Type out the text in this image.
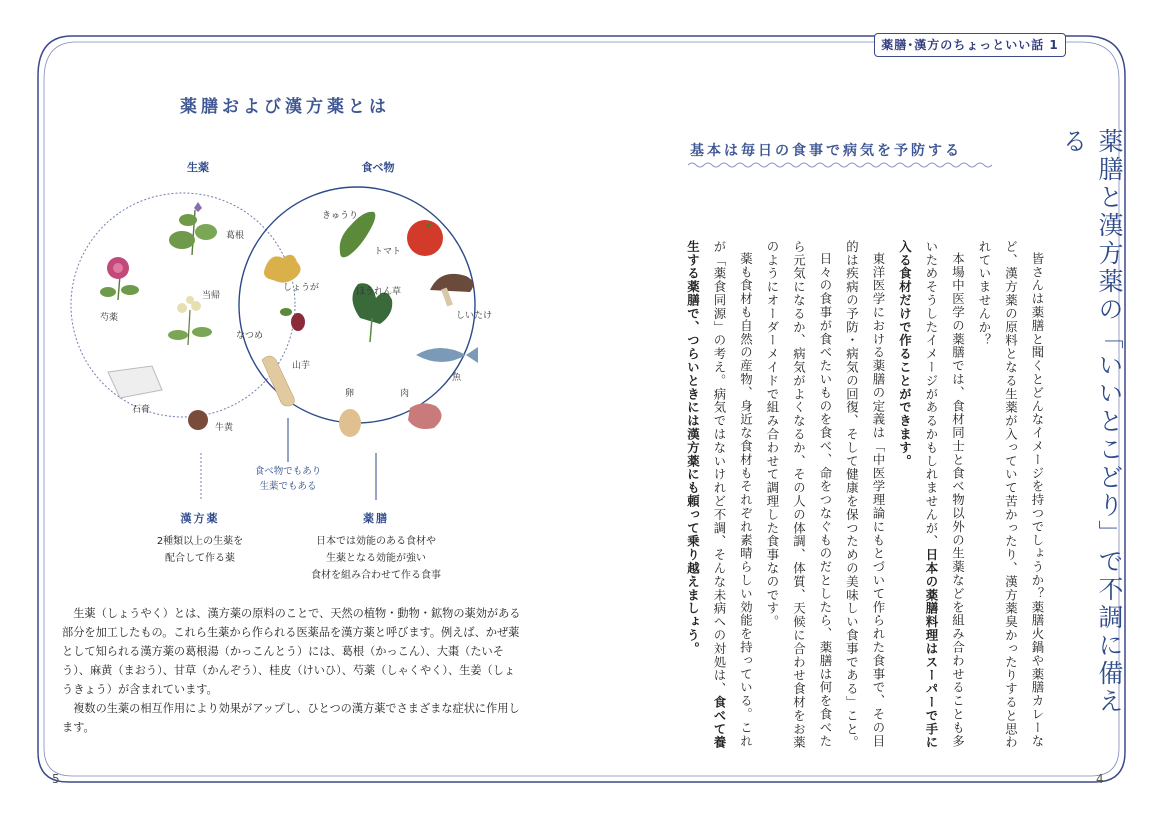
薬膳･漢方のちょっといい話 1
5	4
薬膳および漢方薬とは
生薬	食べ物
葛根
芍薬
当帰
石膏
牛黄
しょうが
なつめ
山芋
きゅうり
トマト
ほうれん草
しいたけ
魚
卵	肉
食べ物でもあり
生薬でもある
漢方薬
2種類以上の生薬を
配合して作る薬
薬膳
日本では効能のある食材や
生薬となる効能が強い
食材を組み合わせて作る食事

生薬（しょうやく）とは、漢方薬の原料のことで、天然の植物・動物・鉱物の薬効がある部分を加工したもの。これら生薬から作られる医薬品を漢方薬と呼びます。例えば、かぜ薬として知られる漢方薬の葛根湯（かっこんとう）には、葛根（かっこん）、大棗（たいそう）、麻黄（まおう）、甘草（かんぞう）、桂皮（けいひ）、芍薬（しゃくやく）、生姜（しょうきょう）が含まれています。

複数の生薬の相互作用により効果がアップし、ひとつの漢方薬でさまざまな症状に作用します。

薬膳と漢方薬の「いいとこどり」で不調に備える
基本は毎日の食事で病気を予防する

皆さんは薬膳と聞くとどんなイメージを持つでしょうか？薬膳火鍋や薬膳カレーなど、漢方薬の原料となる生薬が入っていて苦かったり、漢方薬臭かったりすると思われていませんか？

本場中医学の薬膳では、食材同士と食べ物以外の生薬などを組み合わせることも多いためそうしたイメージがあるかもしれませんが、日本の薬膳料理はスーパーで手に入る食材だけで作ることができます。

東洋医学における薬膳の定義は「中医学理論にもとづいて作られた食事で、その目的は疾病の予防・病気の回復、そして健康を保つための美味しい食事である」こと。

日々の食事が食べたいものを食べ、命をつなぐものだとしたら、薬膳は何を食べたら元気になるか、病気がよくなるか、その人の体調、体質、天候に合わせ食材をお薬のようにオーダーメイドで組み合わせて調理した食事なのです。

薬も食材も自然の産物、身近な食材もそれぞれ素晴らしい効能を持っている。これが「薬食同源」の考え。病気ではないけれど不調、そんな未病への対処は、食べて養生する薬膳で、つらいときには漢方薬にも頼って乗り越えましょう。
